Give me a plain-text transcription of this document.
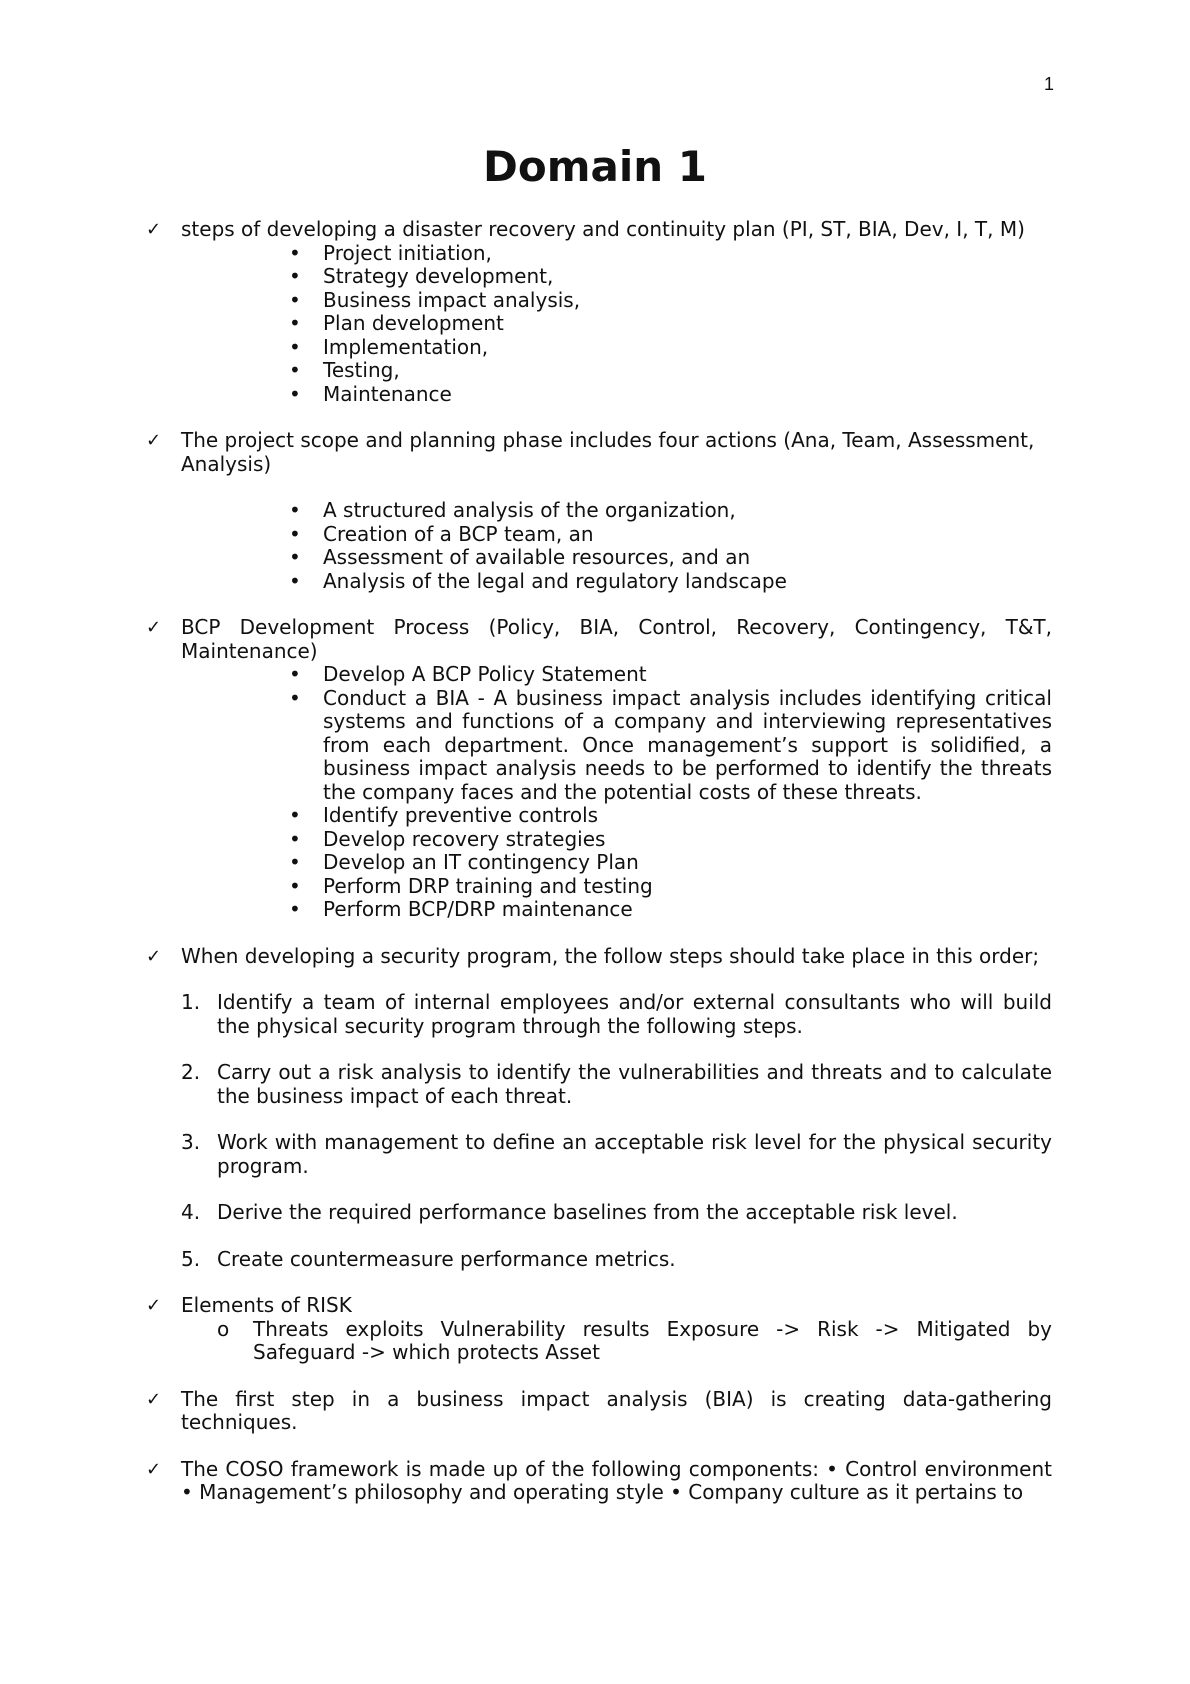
1
Domain 1
✓ steps of developing a disaster recovery and continuity plan (PI, ST, BIA, Dev, I, T, M)
• Project initiation,
• Strategy development,
• Business impact analysis,
• Plan development
• Implementation,
• Testing,
• Maintenance
✓ The project scope and planning phase includes four actions (Ana, Team, Assessment, Analysis)
• A structured analysis of the organization,
• Creation of a BCP team, an
• Assessment of available resources, and an
• Analysis of the legal and regulatory landscape
✓ BCP Development Process (Policy, BIA, Control, Recovery, Contingency, T&T, Maintenance)
• Develop A BCP Policy Statement
• Conduct a BIA - A business impact analysis includes identifying critical systems and functions of a company and interviewing representatives from each department. Once management’s support is solidified, a business impact analysis needs to be performed to identify the threats the company faces and the potential costs of these threats.
• Identify preventive controls
• Develop recovery strategies
• Develop an IT contingency Plan
• Perform DRP training and testing
• Perform BCP/DRP maintenance
✓ When developing a security program, the follow steps should take place in this order;
1. Identify a team of internal employees and/or external consultants who will build the physical security program through the following steps.
2. Carry out a risk analysis to identify the vulnerabilities and threats and to calculate the business impact of each threat.
3. Work with management to define an acceptable risk level for the physical security program.
4. Derive the required performance baselines from the acceptable risk level.
5. Create countermeasure performance metrics.
✓ Elements of RISK
o Threats exploits Vulnerability results Exposure -> Risk -> Mitigated by Safeguard -> which protects Asset
✓ The first step in a business impact analysis (BIA) is creating data-gathering techniques.
✓ The COSO framework is made up of the following components: • Control environment • Management’s philosophy and operating style • Company culture as it pertains to
